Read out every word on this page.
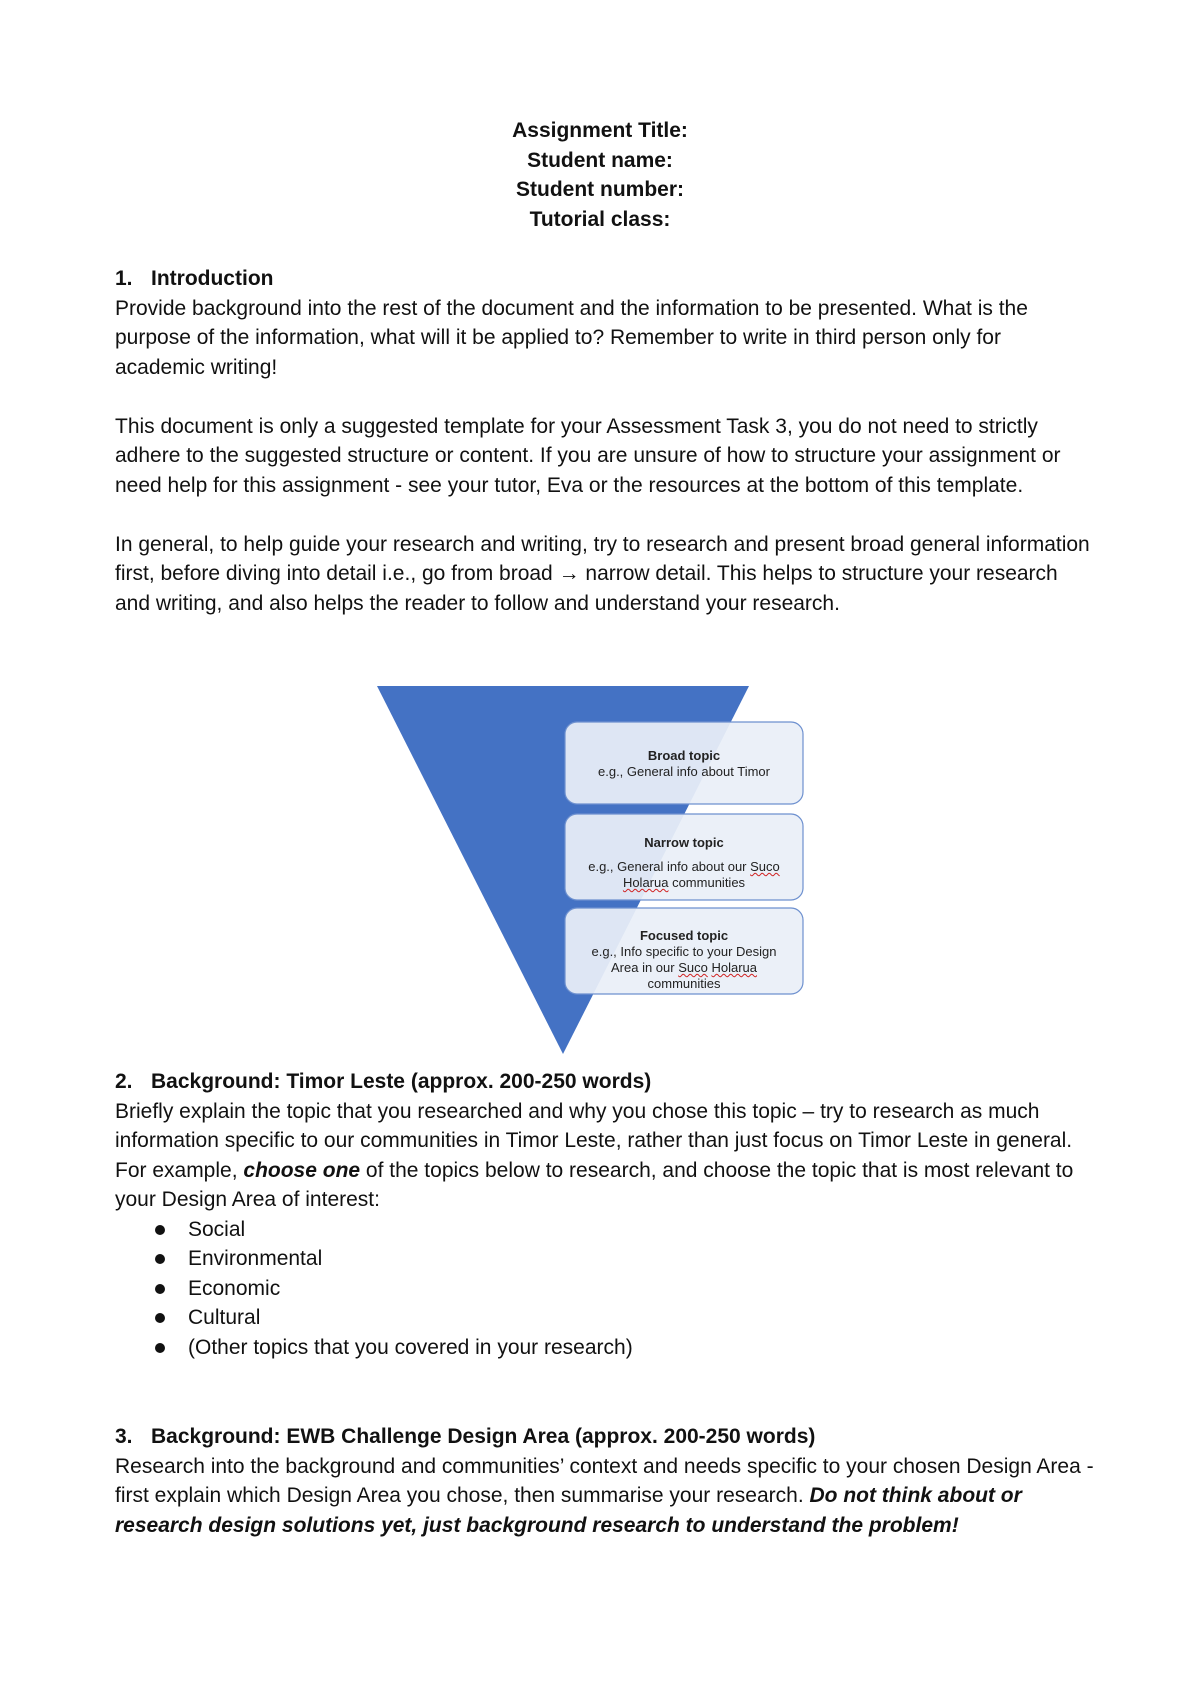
Assignment Title:
Student name:
Student number:
Tutorial class:

1. Introduction

Provide background into the rest of the document and the information to be presented. What is the purpose of the information, what will it be applied to? Remember to write in third person only for academic writing!

This document is only a suggested template for your Assessment Task 3, you do not need to strictly adhere to the suggested structure or content. If you are unsure of how to structure your assignment or need help for this assignment - see your tutor, Eva or the resources at the bottom of this template.

In general, to help guide your research and writing, try to research and present broad general information first, before diving into detail i.e., go from broad → narrow detail. This helps to structure your research and writing, and also helps the reader to follow and understand your research.

Broad topic
e.g., General info about Timor
Narrow topic
e.g., General info about our Suco
Holarua communities
Focused topic
e.g., Info specific to your Design Area in our Suco Holarua
communities

2. Background: Timor Leste (approx. 200-250 words)

Briefly explain the topic that you researched and why you chose this topic – try to research as much information specific to our communities in Timor Leste, rather than just focus on Timor Leste in general. For example, choose one of the topics below to research, and choose the topic that is most relevant to your Design Area of interest:

Social
Environmental
Economic
Cultural
(Other topics that you covered in your research)

3. Background: EWB Challenge Design Area (approx. 200-250 words)

Research into the background and communities’ context and needs specific to your chosen Design Area - first explain which Design Area you chose, then summarise your research. Do not think about or research design solutions yet, just background research to understand the problem!
